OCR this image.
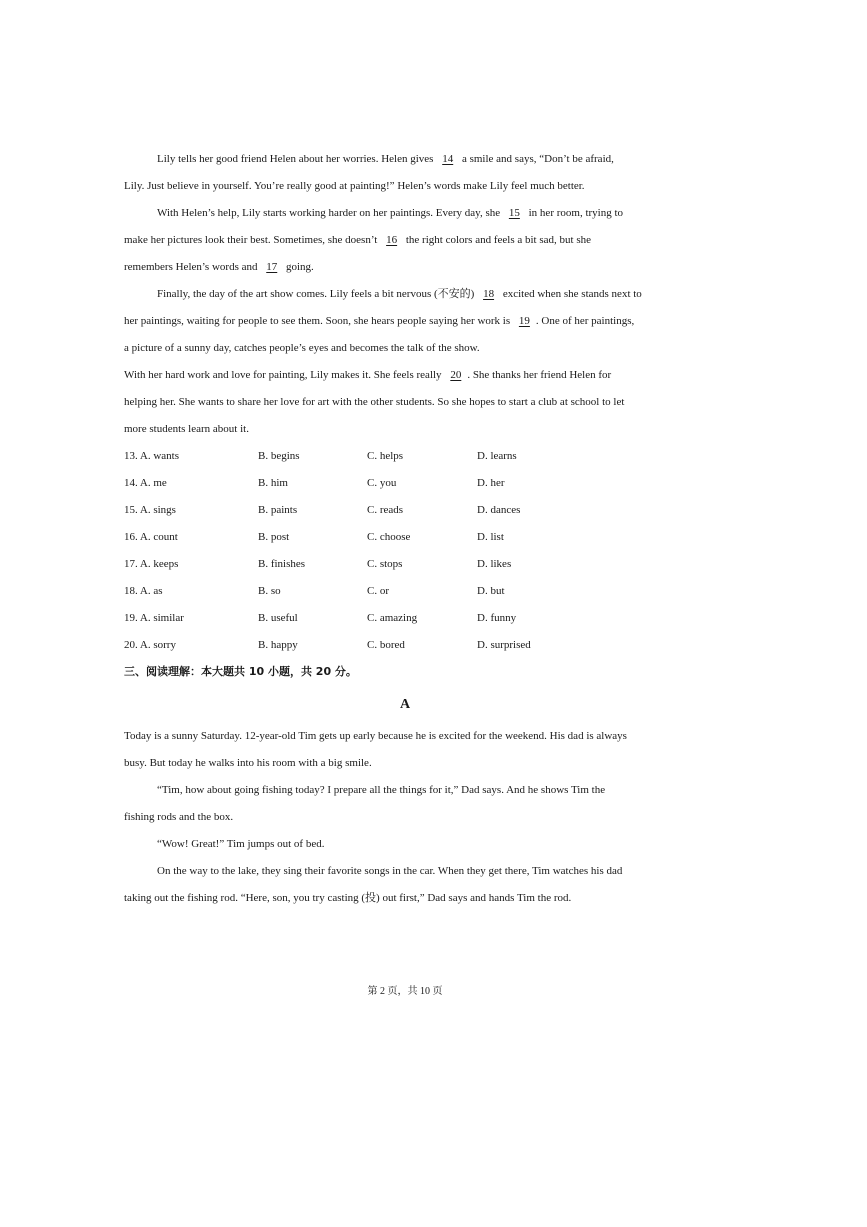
Lily tells her good friend Helen about her worries. Helen gives 14 a smile and says, “Don’t be afraid,
Lily. Just believe in yourself. You’re really good at painting!” Helen’s words make Lily feel much better.
With Helen’s help, Lily starts working harder on her paintings. Every day, she 15 in her room, trying to
make her pictures look their best. Sometimes, she doesn’t 16 the right colors and feels a bit sad, but she
remembers Helen’s words and 17 going.
Finally, the day of the art show comes. Lily feels a bit nervous (不安的) 18 excited when she stands next to
her paintings, waiting for people to see them. Soon, she hears people saying her work is 19 . One of her paintings,
a picture of a sunny day, catches people’s eyes and becomes the talk of the show.
With her hard work and love for painting, Lily makes it. She feels really 20 . She thanks her friend Helen for
helping her. She wants to share her love for art with the other students. So she hopes to start a club at school to let
more students learn about it.
13. A. wants	B. begins	C. helps	D. learns
14. A. me	B. him	C. you	D. her
15. A. sings	B. paints	C. reads	D. dances
16. A. count	B. post	C. choose	D. list
17. A. keeps	B. finishes	C. stops	D. likes
18. A. as	B. so	C. or	D. but
19. A. similar	B. useful	C. amazing	D. funny
20. A. sorry	B. happy	C. bored	D. surprised
三、阅读理解：本大题共 10 小题，共 20 分。
A
Today is a sunny Saturday. 12-year-old Tim gets up early because he is excited for the weekend. His dad is always
busy. But today he walks into his room with a big smile.
“Tim, how about going fishing today? I prepare all the things for it,” Dad says. And he shows Tim the
fishing rods and the box.
“Wow! Great!” Tim jumps out of bed.
On the way to the lake, they sing their favorite songs in the car. When they get there, Tim watches his dad
taking out the fishing rod. “Here, son, you try casting (投) out first,” Dad says and hands Tim the rod.
第 2 页，共 10 页
